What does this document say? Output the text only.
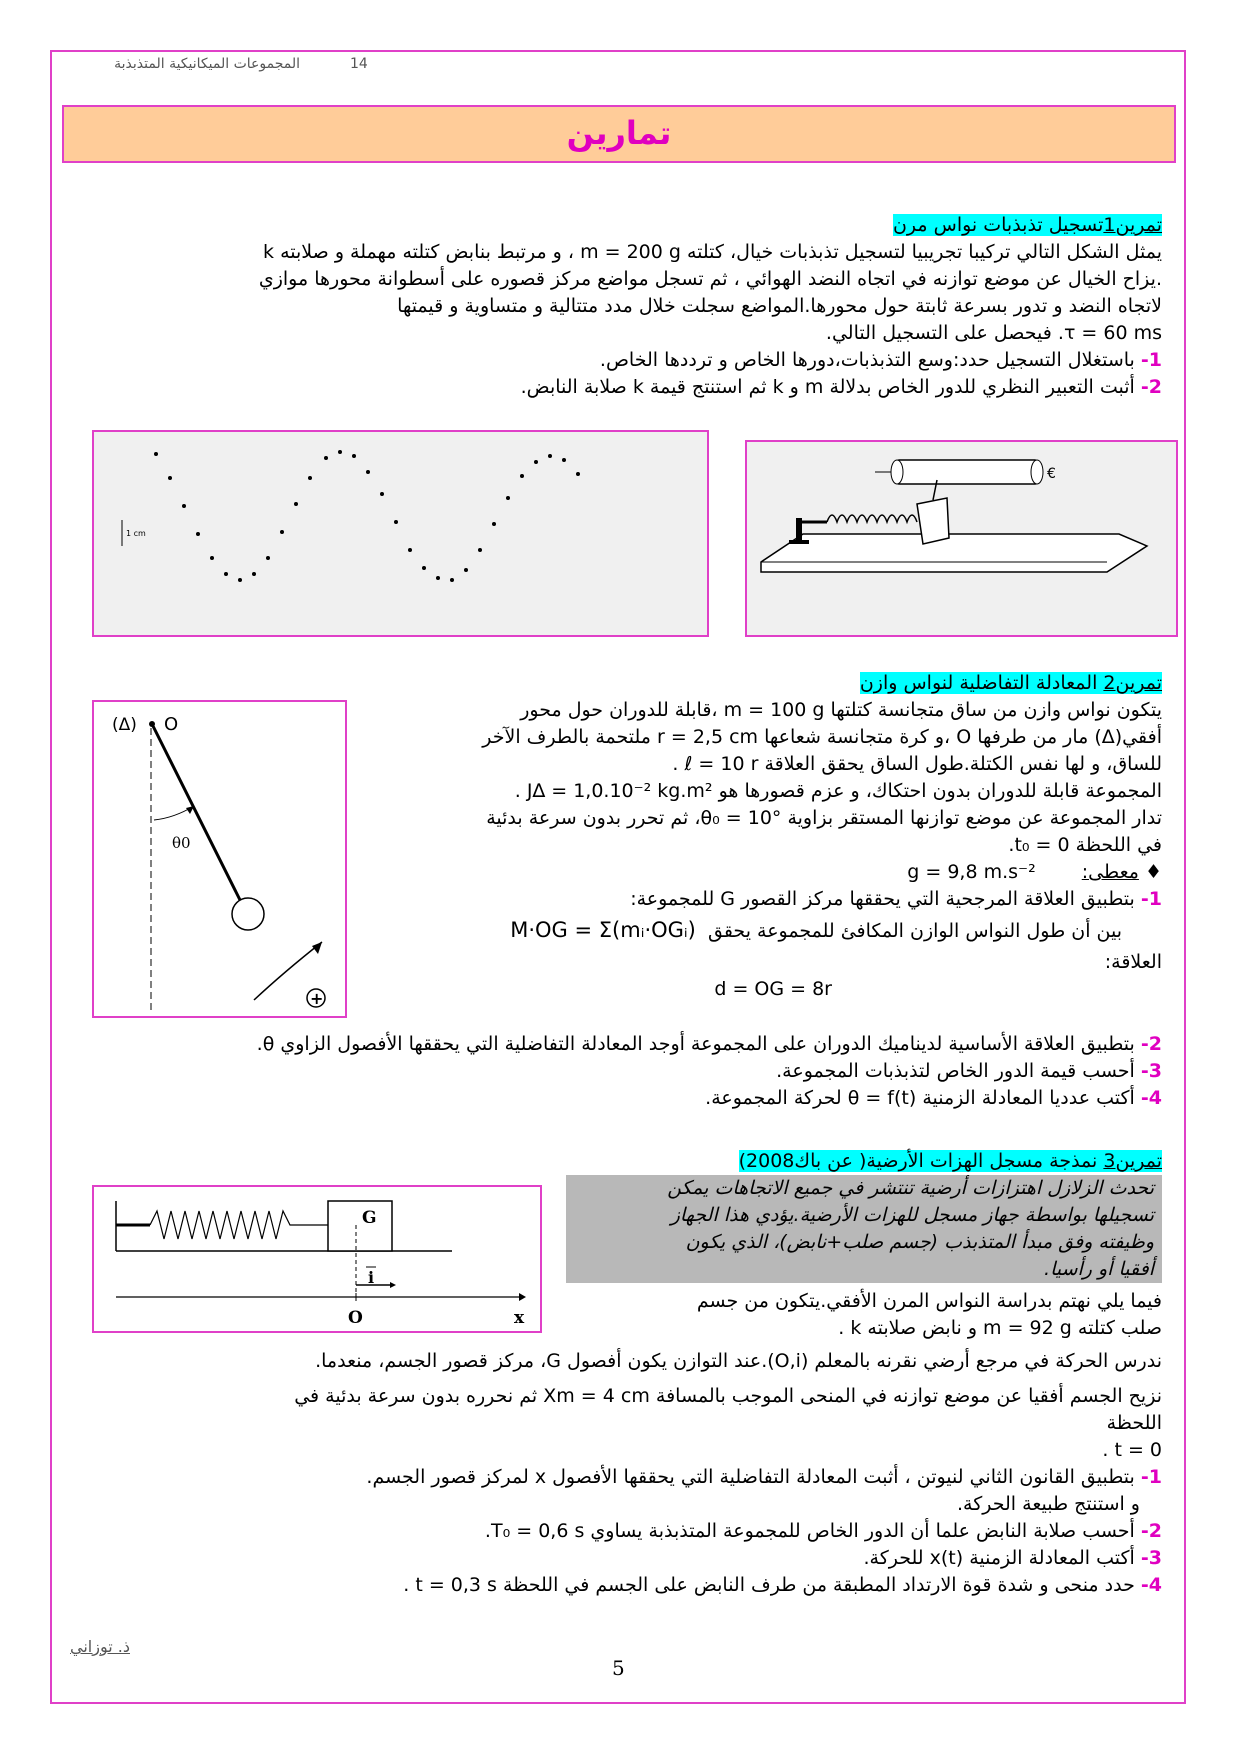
المجموعات الميكانيكية المتذبذبة	14
تمارين
تمرين1تسجيل تذبذبات نواس مرن
يمثل الشكل التالي تركيبا تجريبيا لتسجيل تذبذبات خيال، كتلته m = 200 g ، و مرتبط بنابض كتلته مهملة و صلابته k
.يزاح الخيال عن موضع توازنه في اتجاه النضد الهوائي ، ثم تسجل مواضع مركز قصوره على أسطوانة محورها موازي
لاتجاه النضد و تدور بسرعة ثابتة حول محورها.المواضع سجلت خلال مدد متتالية و متساوية و قيمتها
τ = 60 ms. فيحصل على التسجيل التالي.
1- باستغلال التسجيل حدد:وسع التذبذبات،دورها الخاص و ترددها الخاص.
2- أثبت التعبير النظري للدور الخاص بدلالة m و k ثم استنتج قيمة k صلابة النابض.
1 cm
€
تمرين2 المعادلة التفاضلية لنواس وازن
يتكون نواس وازن من ساق متجانسة كتلتها m = 100 g ،قابلة للدوران حول محور
أفقي(Δ) مار من طرفها O ،و كرة متجانسة شعاعها r = 2,5 cm ملتحمة بالطرف الآخر
للساق، و لها نفس الكتلة.طول الساق يحقق العلاقة ℓ = 10 r .
المجموعة قابلة للدوران بدون احتكاك، و عزم قصورها هو J∆ = 1,0.10⁻² kg.m² .
تدار المجموعة عن موضع توازنها المستقر بزاوية θ₀ = 10°، ثم تحرر بدون سرعة بدئية
في اللحظة t₀ = 0.
♦ معطى: g = 9,8 m.s⁻²
1- بتطبيق العلاقة المرجحية التي يحققها مركز القصور G للمجموعة:
بين أن طول النواس الوازن المكافئ للمجموعة يحقق  M·OG = Σ(mᵢ·OGᵢ)
العلاقة:
d = OG = 8r
2- بتطبيق العلاقة الأساسية لديناميك الدوران على المجموعة أوجد المعادلة التفاضلية التي يحققها الأفصول الزاوي θ.
3- أحسب قيمة الدور الخاص لتذبذبات المجموعة.
4- أكتب عدديا المعادلة الزمنية θ = f(t) لحركة المجموعة.
(Δ) O
θ0
+
تمرين3 نمذجة مسجل الهزات الأرضية( عن باك2008)
تحدث الزلازل اهتزازات أرضية تنتشر في جميع الاتجاهات يمكن
تسجيلها بواسطة جهاز مسجل للهزات الأرضية.يؤدي هذا الجهاز
وظيفته وفق مبدأ المتذبذب (جسم صلب+نابض)، الذي يكون
أفقيا أو رأسيا.
فيما يلي نهتم بدراسة النواس المرن الأفقي.يتكون من جسم
صلب كتلته m = 92 g و نابض صلابته k .
ندرس الحركة في مرجع أرضي نقرنه بالمعلم (O,i).عند التوازن يكون أفصول G، مركز قصور الجسم، منعدما.
نزيح الجسم أفقيا عن موضع توازنه في المنحى الموجب بالمسافة Xm = 4 cm ثم نحرره بدون سرعة بدئية في
اللحظة
t = 0 .
1- بتطبيق القانون الثاني لنيوتن ، أثبت المعادلة التفاضلية التي يحققها الأفصول x لمركز قصور الجسم.
و استنتج طبيعة الحركة.
2- أحسب صلابة النابض علما أن الدور الخاص للمجموعة المتذبذبة يساوي T₀ = 0,6 s.
3- أكتب المعادلة الزمنية x(t) للحركة.
4- حدد منحى و شدة قوة الارتداد المطبقة من طرف النابض على الجسم في اللحظة t = 0,3 s .
G
i
O	x
ذ. توزاني
5
